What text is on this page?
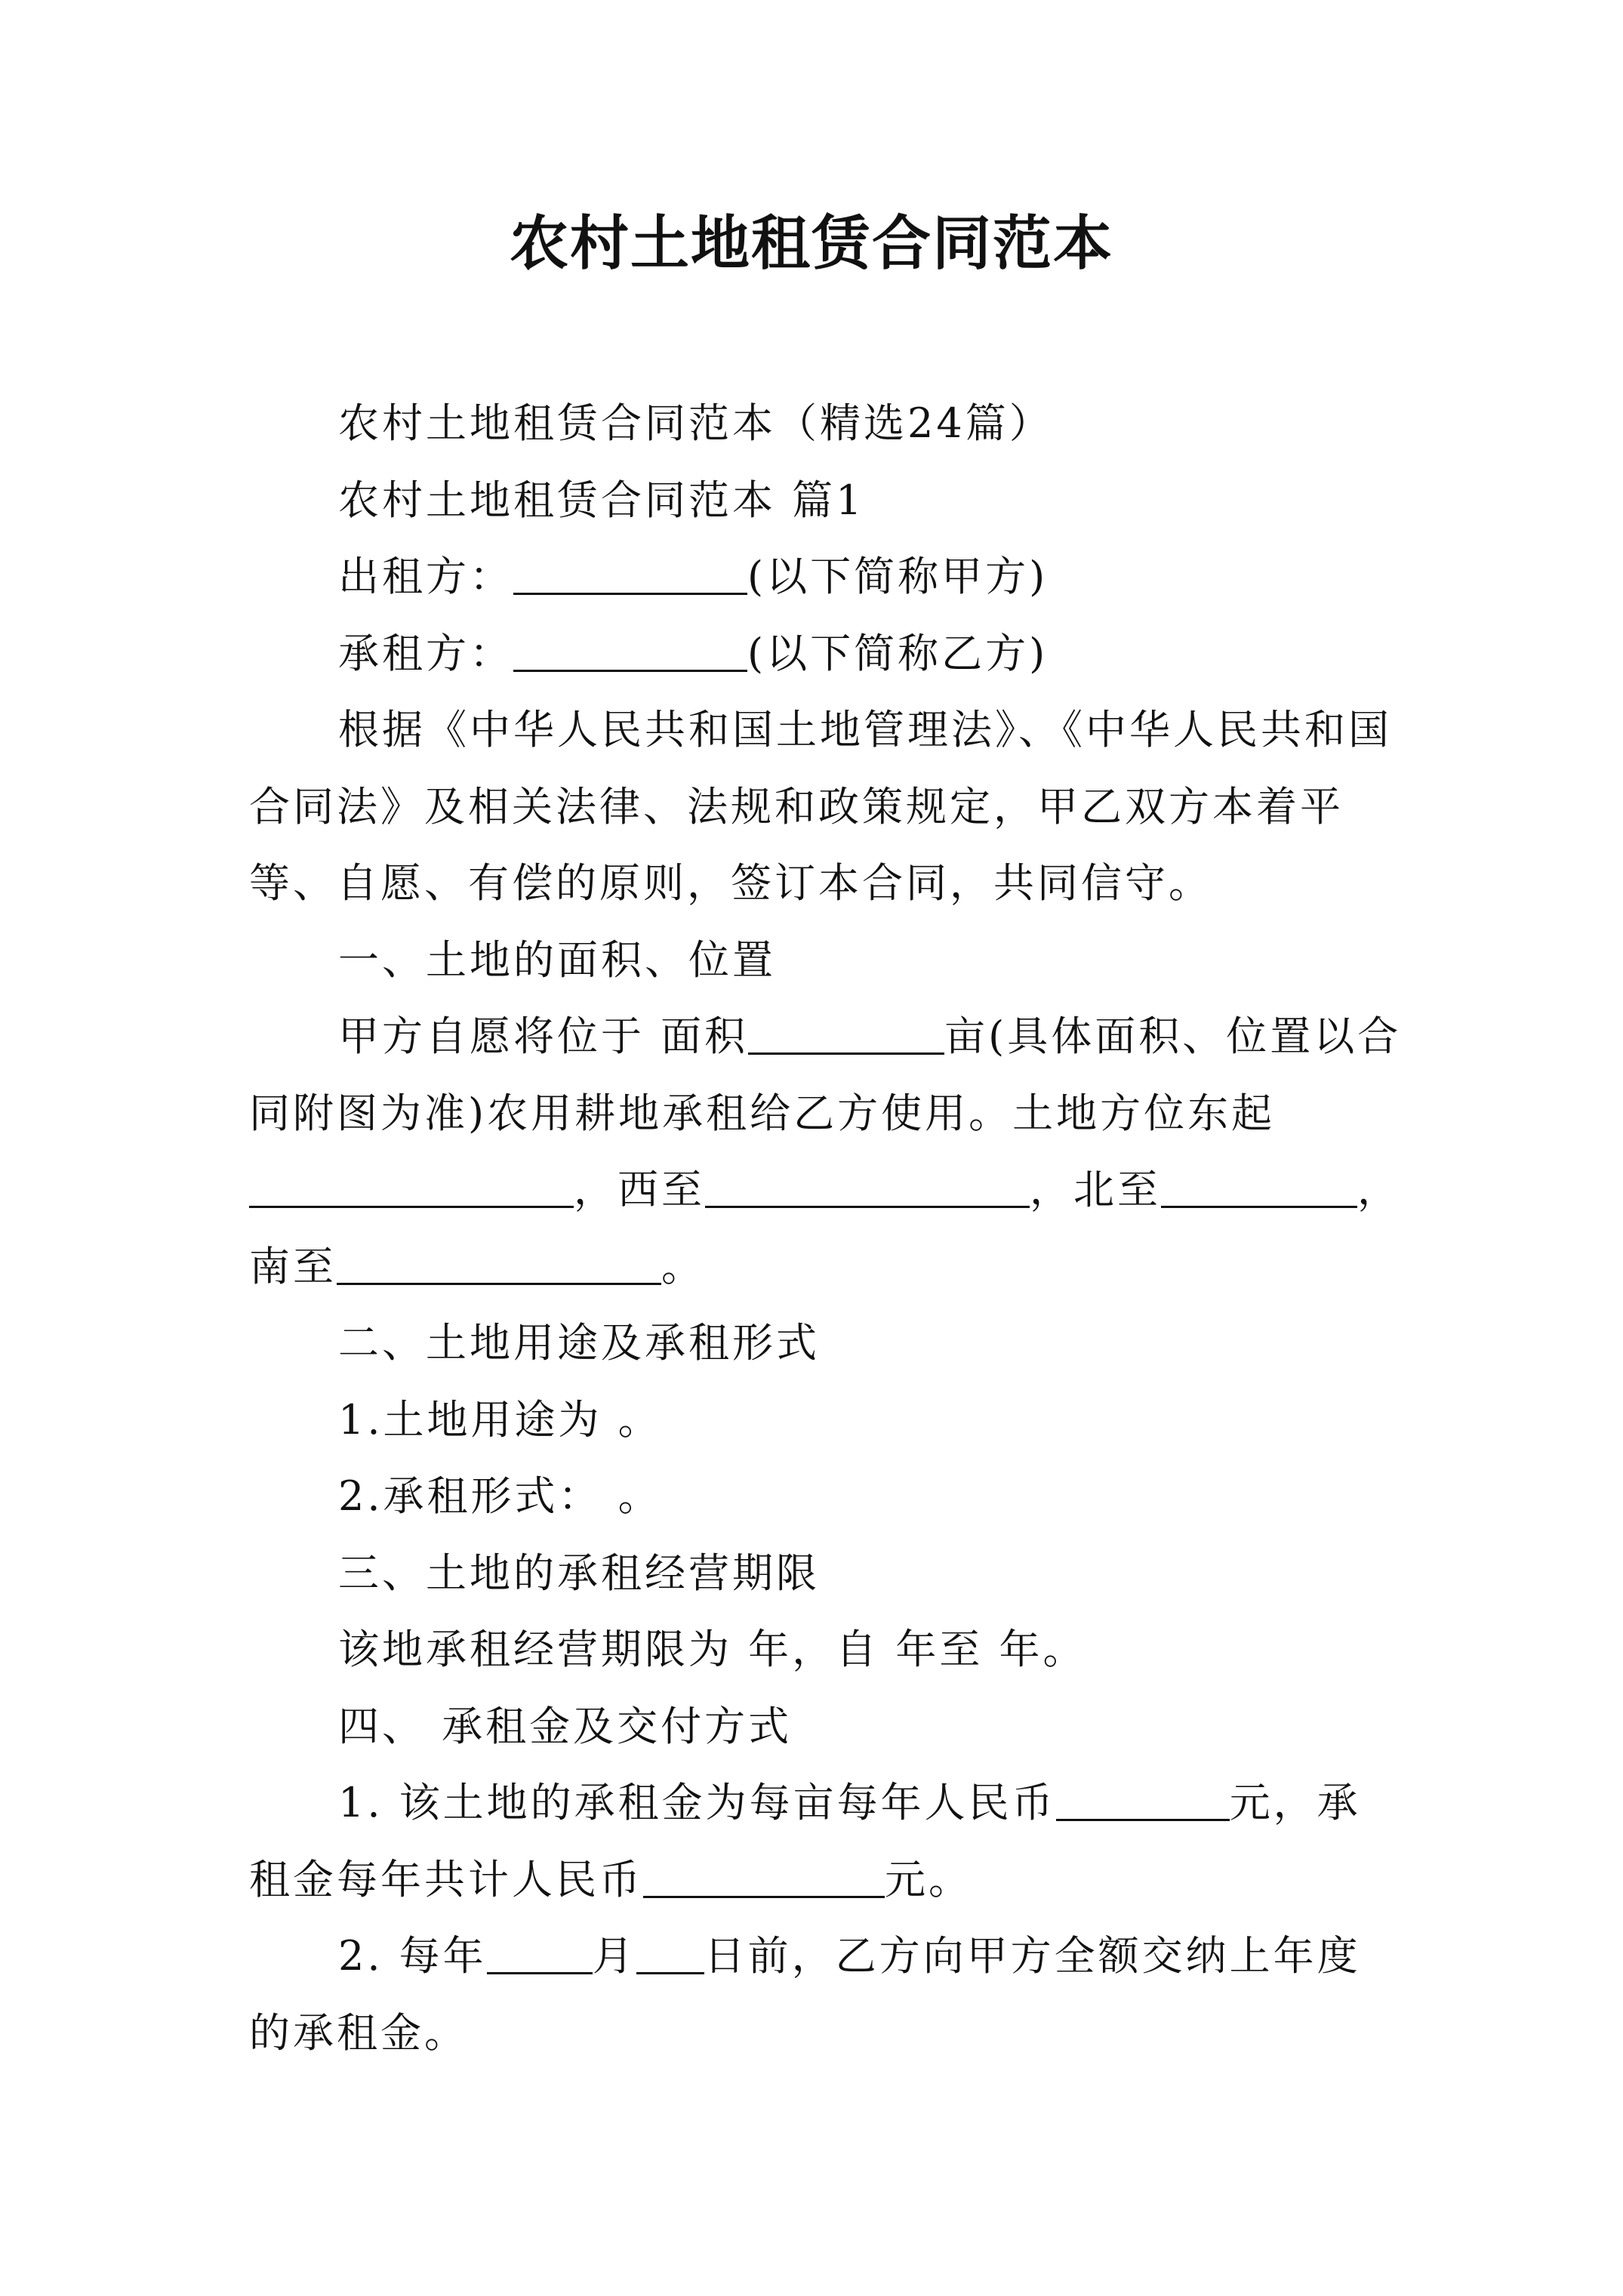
农村土地租赁合同范本

农村土地租赁合同范本（精选24篇）

农村土地租赁合同范本 篇1

出租方：	(以下简称甲方)

承租方：	(以下简称乙方)

根据《中华人民共和国土地管理法》、《中华人民共和国合同法》及相关法律、法规和政策规定，甲乙双方本着平等、自愿、有偿的原则，签订本合同，共同信守。

一、土地的面积、位置

甲方自愿将位于 面积	亩(具体面积、位置以合同附图为准)农用耕地承租给乙方使用。土地方位东起
，西至	，北至	，
南至	。

二、土地用途及承租形式

1.土地用途为 。

2.承租形式： 。

三、土地的承租经营期限

该地承租经营期限为 年，自 年至 年。

四、 承租金及交付方式

1. 该土地的承租金为每亩每年人民币	元，承租金每年共计人民币	元。

2. 每年	月 日前，乙方向甲方全额交纳上年度的承租金。
